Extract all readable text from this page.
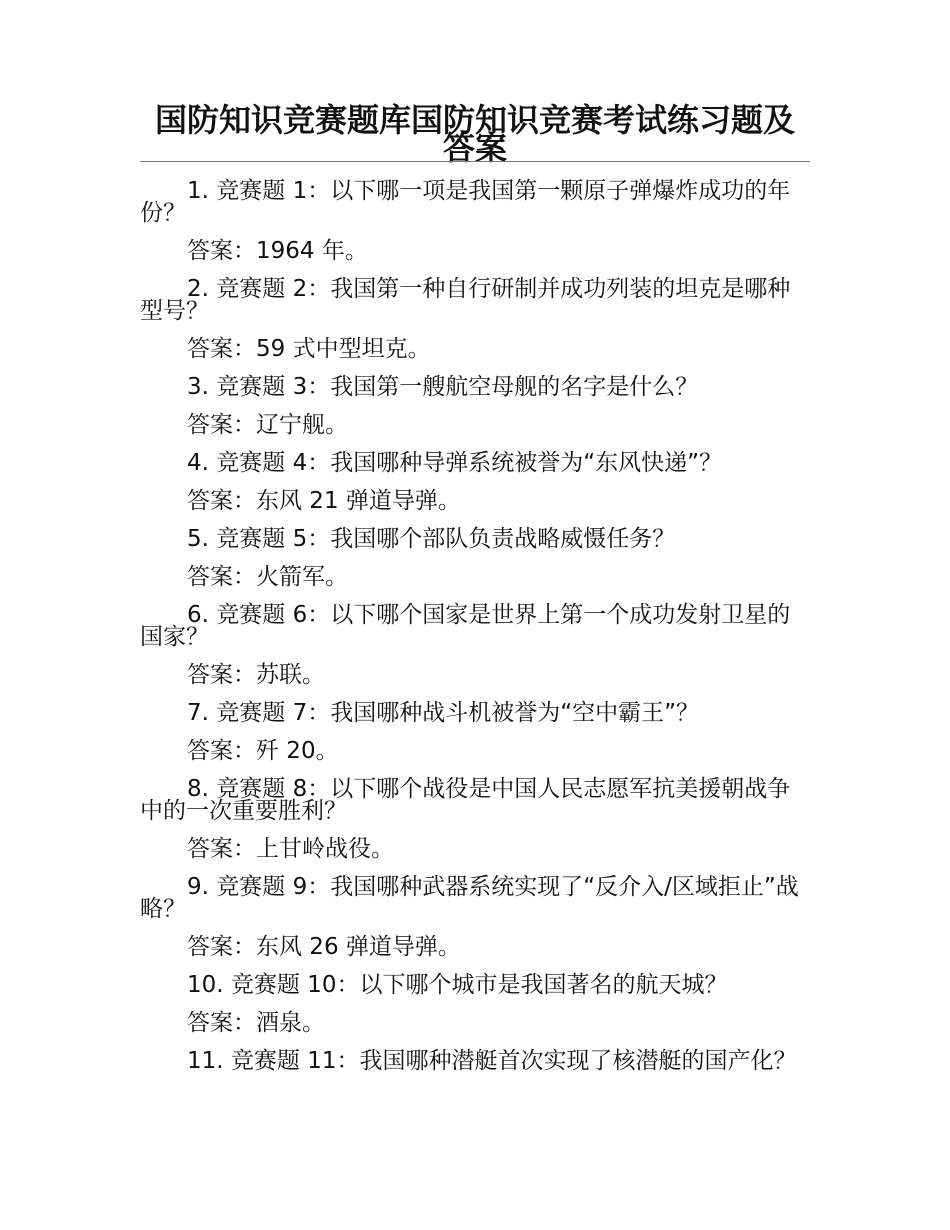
国防知识竞赛题库国防知识竞赛考试练习题及答案

1. 竞赛题 1：以下哪一项是我国第一颗原子弹爆炸成功的年份？

答案：1964 年。

2. 竞赛题 2：我国第一种自行研制并成功列装的坦克是哪种型号？

答案：59 式中型坦克。

3. 竞赛题 3：我国第一艘航空母舰的名字是什么？

答案：辽宁舰。

4. 竞赛题 4：我国哪种导弹系统被誉为“东风快递”？

答案：东风 21 弹道导弹。

5. 竞赛题 5：我国哪个部队负责战略威慑任务？

答案：火箭军。

6. 竞赛题 6：以下哪个国家是世界上第一个成功发射卫星的国家？

答案：苏联。

7. 竞赛题 7：我国哪种战斗机被誉为“空中霸王”？

答案：歼 20。

8. 竞赛题 8：以下哪个战役是中国人民志愿军抗美援朝战争中的一次重要胜利？

答案：上甘岭战役。

9. 竞赛题 9：我国哪种武器系统实现了“反介入/区域拒止”战略？

答案：东风 26 弹道导弹。

10. 竞赛题 10：以下哪个城市是我国著名的航天城？

答案：酒泉。

11. 竞赛题 11：我国哪种潜艇首次实现了核潜艇的国产化？
